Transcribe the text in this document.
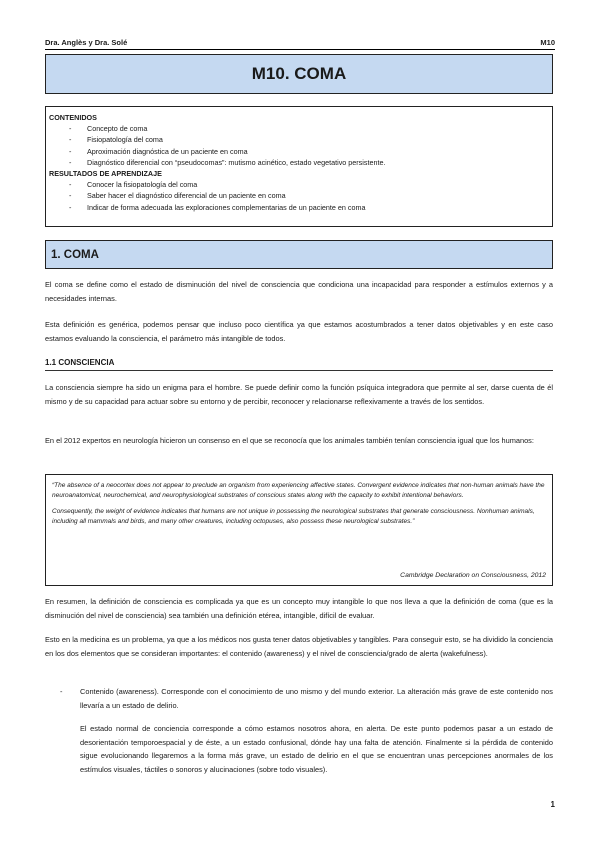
Dra. Anglès y Dra. Solé	M10
M10. COMA
CONTENIDOS
-	Concepto de coma
-	Fisiopatología del coma
-	Aproximación diagnóstica de un paciente en coma
-	Diagnóstico diferencial con “pseudocomas”: mutismo acinético, estado vegetativo persistente.
RESULTADOS DE APRENDIZAJE
-	Conocer la fisiopatología del coma
-	Saber hacer el diagnóstico diferencial de un paciente en coma
-	Indicar de forma adecuada las exploraciones complementarias de un paciente en coma
1. COMA
El coma se define como el estado de disminución del nivel de consciencia que condiciona una incapacidad para responder a estímulos externos y a necesidades internas.
Esta definición es genérica, podemos pensar que incluso poco científica ya que estamos acostumbrados a tener datos objetivables y en este caso estamos evaluando la consciencia, el parámetro más intangible de todos.
1.1 CONSCIENCIA
La consciencia siempre ha sido un enigma para el hombre. Se puede definir como la función psíquica integradora que permite al ser, darse cuenta de él mismo y de su capacidad para actuar sobre su entorno y de percibir, reconocer y relacionarse reflexivamente a través de los sentidos.
En el 2012 expertos en neurología hicieron un consenso en el que se reconocía que los animales también tenían consciencia igual que los humanos:

“The absence of a neocortex does not appear to preclude an organism from experiencing affective states. Convergent evidence indicates that non-human animals have the neuroanatomical, neurochemical, and neurophysiological substrates of conscious states along with the capacity to exhibit intentional behaviors.

Consequently, the weight of evidence indicates that humans are not unique in possessing the neurological substrates that generate consciousness. Nonhuman animals, including all mammals and birds, and many other creatures, including octopuses, also possess these neurological substrates.”

Cambridge Declaration on Consciousness, 2012
En resumen, la definición de consciencia es complicada ya que es un concepto muy intangible lo que nos lleva a que la definición de coma (que es la disminución del nivel de consciencia) sea también una definición etérea, intangible, difícil de evaluar.
Esto en la medicina es un problema, ya que a los médicos nos gusta tener datos objetivables y tangibles. Para conseguir esto, se ha dividido la conciencia en los dos elementos que se consideran importantes: el contenido (awareness) y el nivel de consciencia/grado de alerta (wakefulness).
-	Contenido (awareness). Corresponde con el conocimiento de uno mismo y del mundo exterior. La alteración más grave de este contenido nos llevaría a un estado de delirio.
El estado normal de conciencia corresponde a cómo estamos nosotros ahora, en alerta. De este punto podemos pasar a un estado de desorientación temporoespacial y de éste, a un estado confusional, dónde hay una falta de atención. Finalmente si la pérdida de contenido sigue evolucionando llegaremos a la forma más grave, un estado de delirio en el que se encuentran unas percepciones anormales de los estímulos visuales, táctiles o sonoros y alucinaciones (sobre todo visuales).
1
